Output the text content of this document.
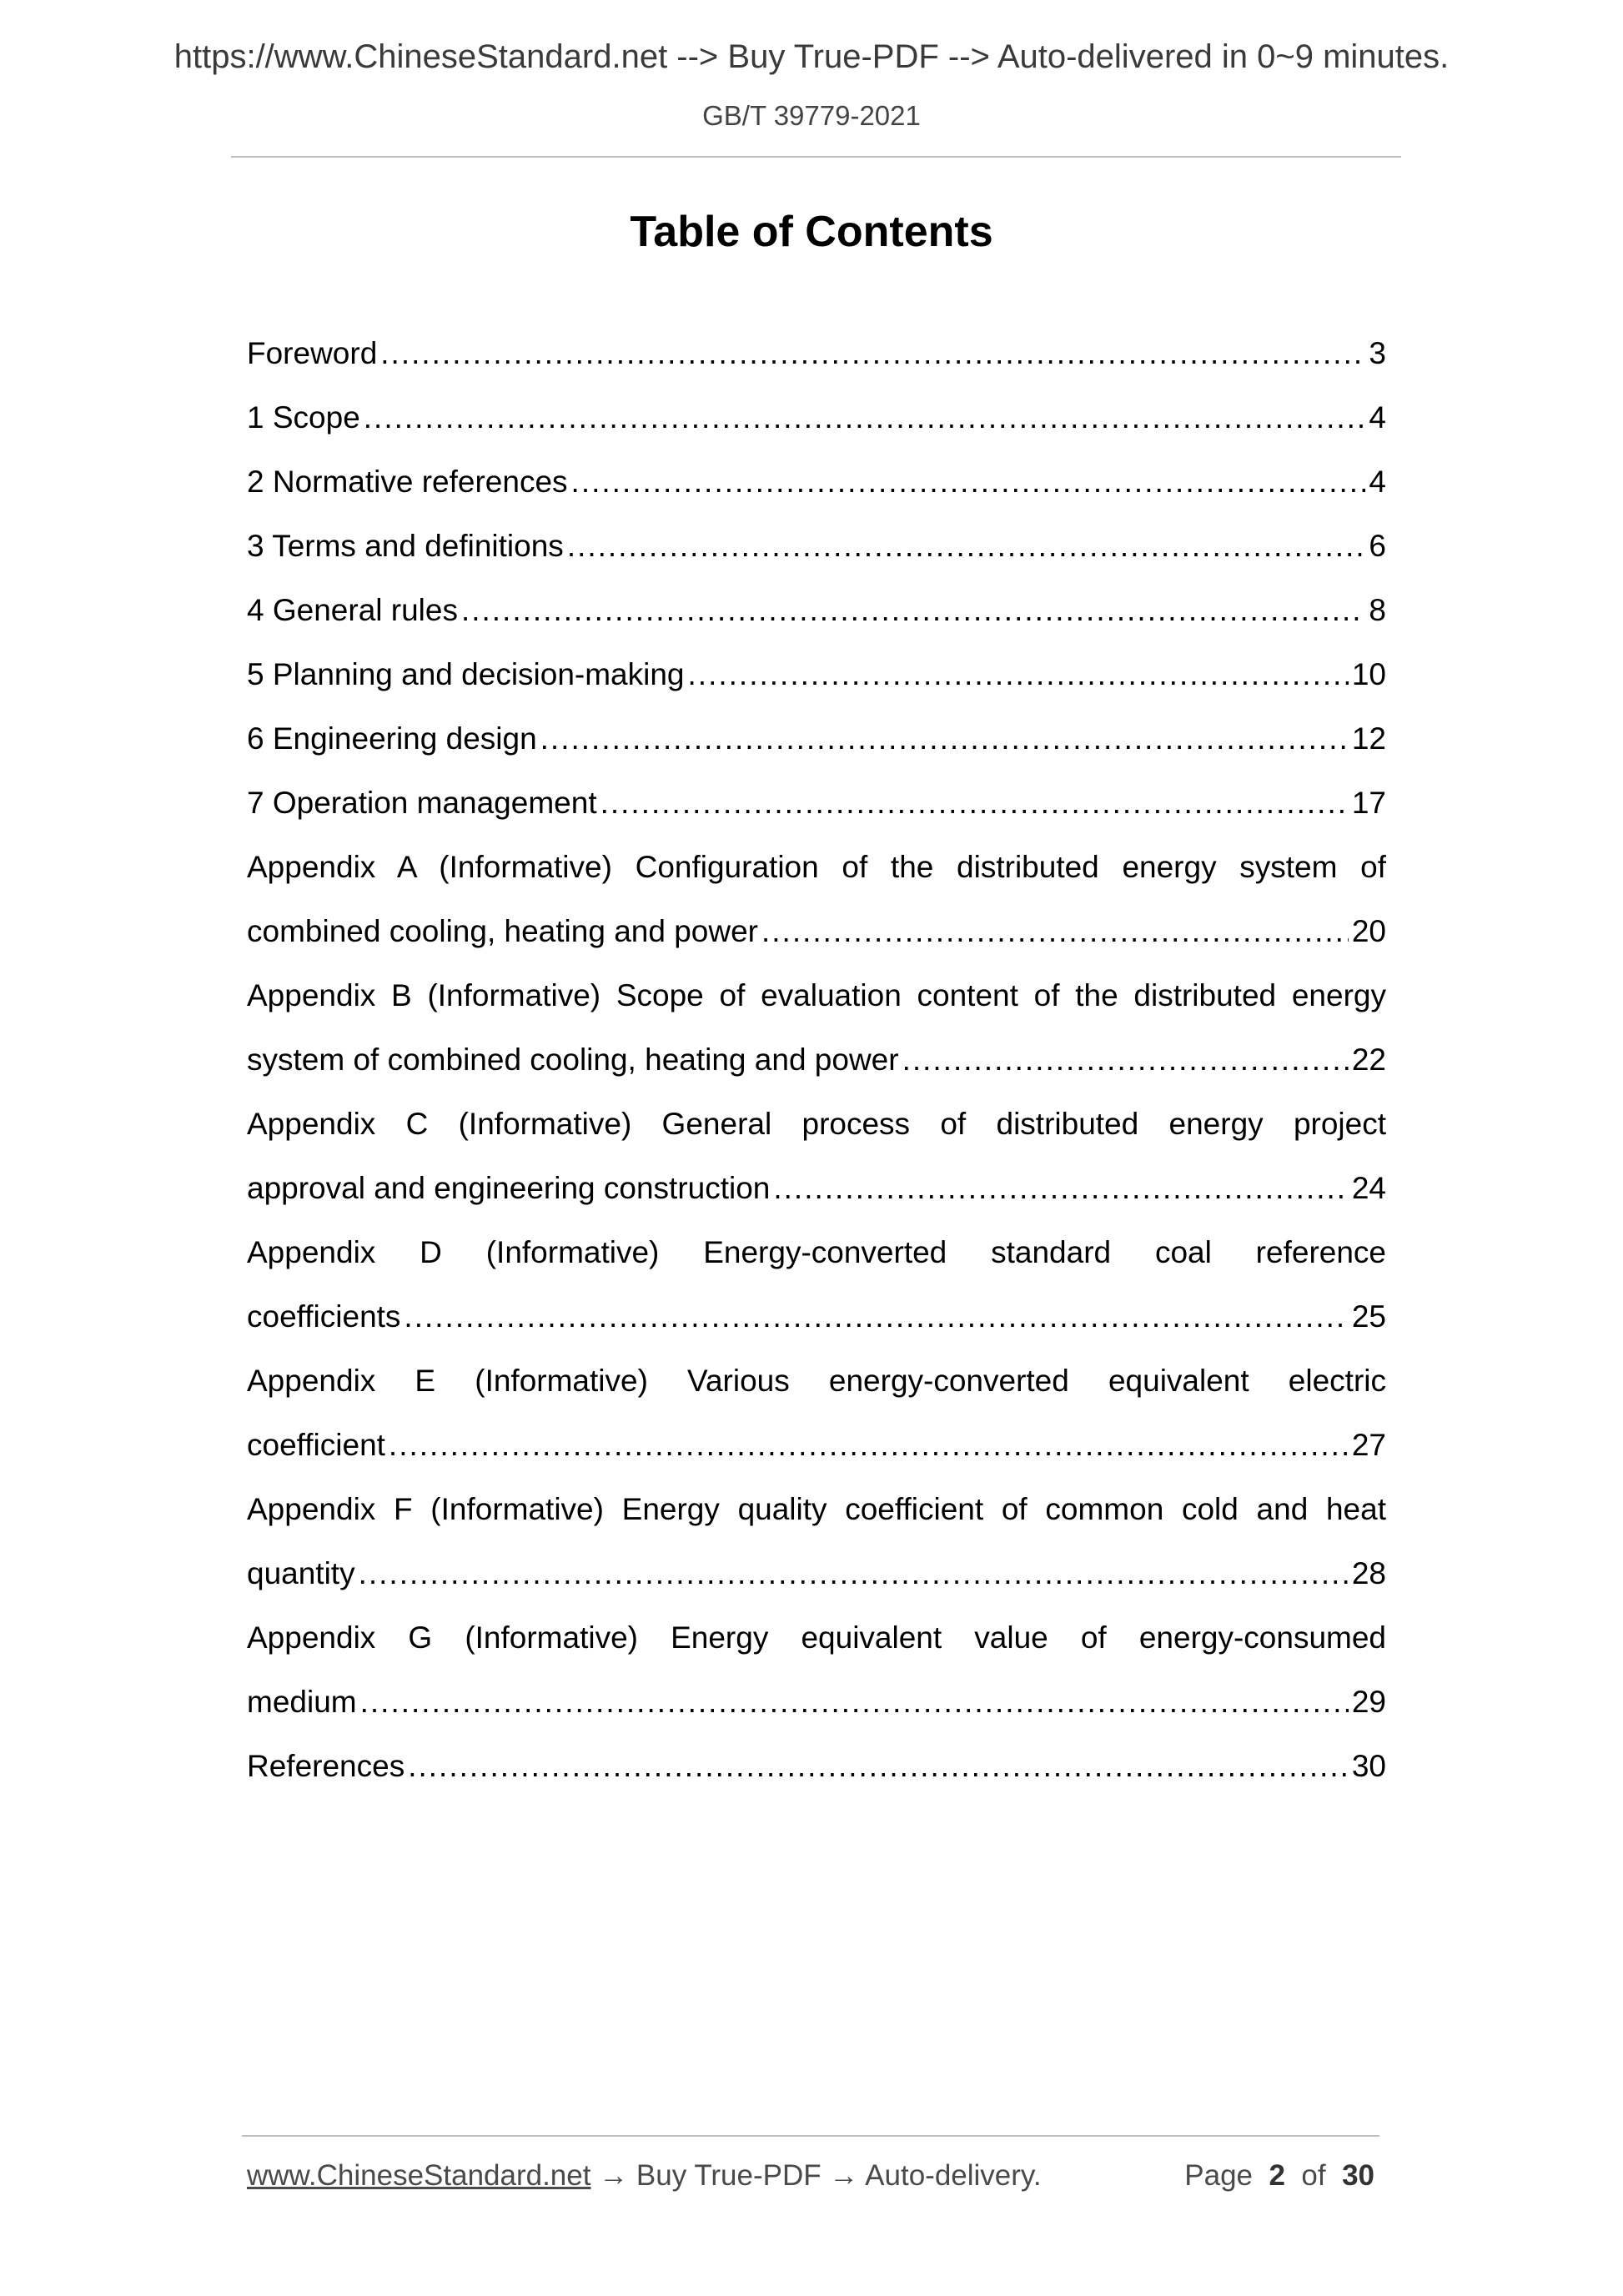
https://www.ChineseStandard.net --> Buy True-PDF --> Auto-delivered in 0~9 minutes.
GB/T 39779-2021
Table of Contents
Foreword .....	3
1 Scope .....	4
2 Normative references .....	4
3 Terms and definitions .....	6
4 General rules .....	8
5 Planning and decision-making .....	10
6 Engineering design .....	12
7 Operation management .....	17
Appendix A (Informative) Configuration of the distributed energy system of
combined cooling, heating and power .....	20
Appendix B (Informative) Scope of evaluation content of the distributed energy
system of combined cooling, heating and power .....	22
Appendix C (Informative) General process of distributed energy project
approval and engineering construction .....	24
Appendix D (Informative) Energy-converted standard coal reference
coefficients .....	25
Appendix E (Informative) Various energy-converted equivalent electric
coefficient .....	27
Appendix F (Informative) Energy quality coefficient of common cold and heat
quantity .....	28
Appendix G (Informative) Energy equivalent value of energy-consumed
medium .....	29
References .....	30
www.ChineseStandard.net → Buy True-PDF → Auto-delivery.	Page 2 of 30
